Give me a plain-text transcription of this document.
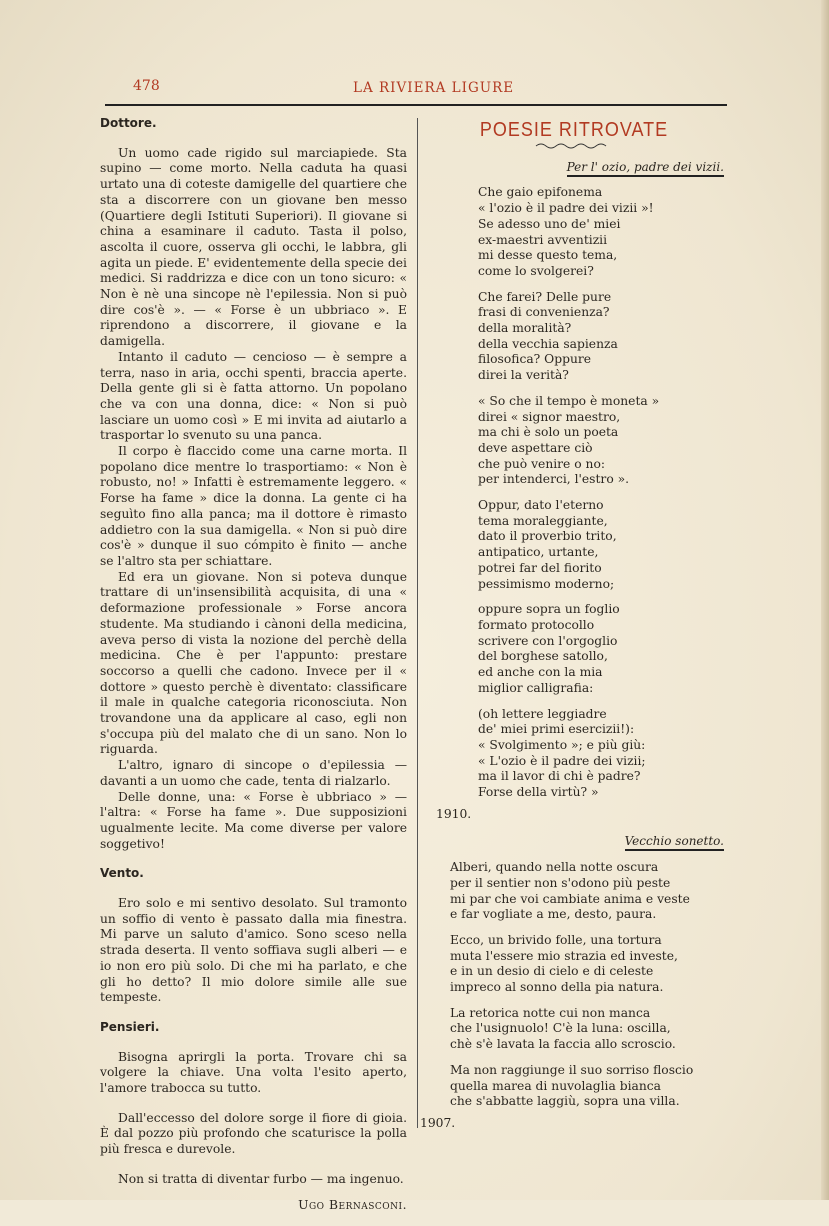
478	LA RIVIERA LIGURE

Dottore.

Un uomo cade rigido sul marciapiede. Sta supino — come morto. Nella caduta ha quasi urtato una di coteste damigelle del quartiere che sta a discorrere con un giovane ben messo (Quartiere degli Istituti Superiori). Il giovane si china a esaminare il caduto. Tasta il polso, ascolta il cuore, osserva gli occhi, le labbra, gli agita un piede. E' evidentemente della specie dei medici. Si raddrizza e dice con un tono sicuro: « Non è nè una sincope nè l'epilessia. Non si può dire cos'è ». — « Forse è un ubbriaco ». E riprendono a discorrere, il giovane e la damigella.

Intanto il caduto — cencioso — è sempre a terra, naso in aria, occhi spenti, braccia aperte. Della gente gli si è fatta attorno. Un popolano che va con una donna, dice: « Non si può lasciare un uomo così » E mi invita ad aiutarlo a trasportar lo svenuto su una panca.

Il corpo è flaccido come una carne morta. Il popolano dice mentre lo trasportiamo: « Non è robusto, no! » Infatti è estremamente leggero. « Forse ha fame » dice la donna. La gente ci ha seguìto fino alla panca; ma il dottore è rimasto addietro con la sua damigella. « Non si può dire cos'è » dunque il suo cómpito è finito — anche se l'altro sta per schiattare.

Ed era un giovane. Non si poteva dunque trattare di un'insensibilità acquisita, di una « deformazione professionale » Forse ancora studente. Ma studiando i cànoni della medicina, aveva perso di vista la nozione del perchè della medicina. Che è per l'appunto: prestare soccorso a quelli che cadono. Invece per il « dottore » questo perchè è diventato: classificare il male in qualche categoria riconosciuta. Non trovandone una da applicare al caso, egli non s'occupa più del malato che di un sano. Non lo riguarda.

L'altro, ignaro di sincope o d'epilessia — davanti a un uomo che cade, tenta di rialzarlo.

Delle donne, una: « Forse è ubbriaco » — l'altra: « Forse ha fame ». Due supposizioni ugualmente lecite. Ma come diverse per valore soggetivo!

Vento.

Ero solo e mi sentivo desolato. Sul tramonto un soffio di vento è passato dalla mia finestra. Mi parve un saluto d'amico. Sono sceso nella strada deserta. Il vento soffiava sugli alberi — e io non ero più solo. Di che mi ha parlato, e che gli ho detto? Il mio dolore simile alle sue tempeste.

Pensieri.

Bisogna aprirgli la porta. Trovare chi sa volgere la chiave. Una volta l'esito aperto, l'amore trabocca su tutto.

Dall'eccesso del dolore sorge il fiore di gioia. È dal pozzo più profondo che scaturisce la polla più fresca e durevole.

Non si tratta di diventar furbo — ma ingenuo.

Ugo Bernasconi.

POESIE RITROVATE
Per l' ozio, padre dei vizii.
Che gaio epifonema
« l'ozio è il padre dei vizii »!
Se adesso uno de' miei
ex-maestri avventizii
mi desse questo tema,
come lo svolgerei?
Che farei? Delle pure
frasi di convenienza?
della moralità?
della vecchia sapienza
filosofica? Oppure
direi la verità?
« So che il tempo è moneta »
direi « signor maestro,
ma chi è solo un poeta
deve aspettare ciò
che può venire o no:
per intenderci, l'estro ».
Oppur, dato l'eterno
tema moraleggiante,
dato il proverbio trito,
antipatico, urtante,
potrei far del fiorito
pessimismo moderno;
oppure sopra un foglio
formato protocollo
scrivere con l'orgoglio
del borghese satollo,
ed anche con la mia
miglior calligrafia:
(oh lettere leggiadre
de' miei primi esercizii!):
« Svolgimento »; e più giù:
« L'ozio è il padre dei vizii;
ma il lavor di chi è padre?
Forse della virtù? »
1910.
Vecchio sonetto.
Alberi, quando nella notte oscura
per il sentier non s'odono più peste
mi par che voi cambiate anima e veste
e far vogliate a me, desto, paura.
Ecco, un brivido folle, una tortura
muta l'essere mio strazia ed investe,
e in un desio di cielo e di celeste
impreco al sonno della pia natura.
La retorica notte cui non manca
che l'usignuolo! C'è la luna: oscilla,
chè s'è lavata la faccia allo scroscio.
Ma non raggiunge il suo sorriso floscio
quella marea di nuvolaglia bianca
che s'abbatte laggiù, sopra una villa.
1907.
